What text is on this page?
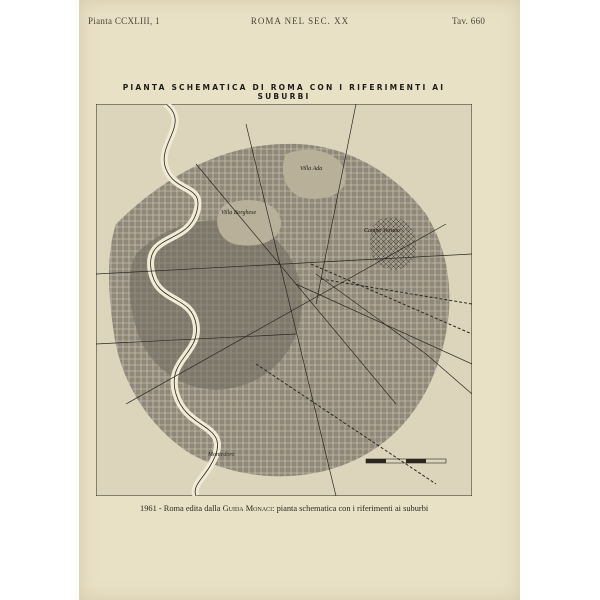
Pianta CCXLIII, 1	ROMA NEL SEC. XX	Tav. 660
PIANTA SCHEMATICA DI ROMA CON I RIFERIMENTI AI SUBURBI
Villa Ada
Villa Borghese
Campo Verano
Montedoro
1961 - Roma edita dalla Guida Monaci: pianta schematica con i riferimenti ai suburbi
